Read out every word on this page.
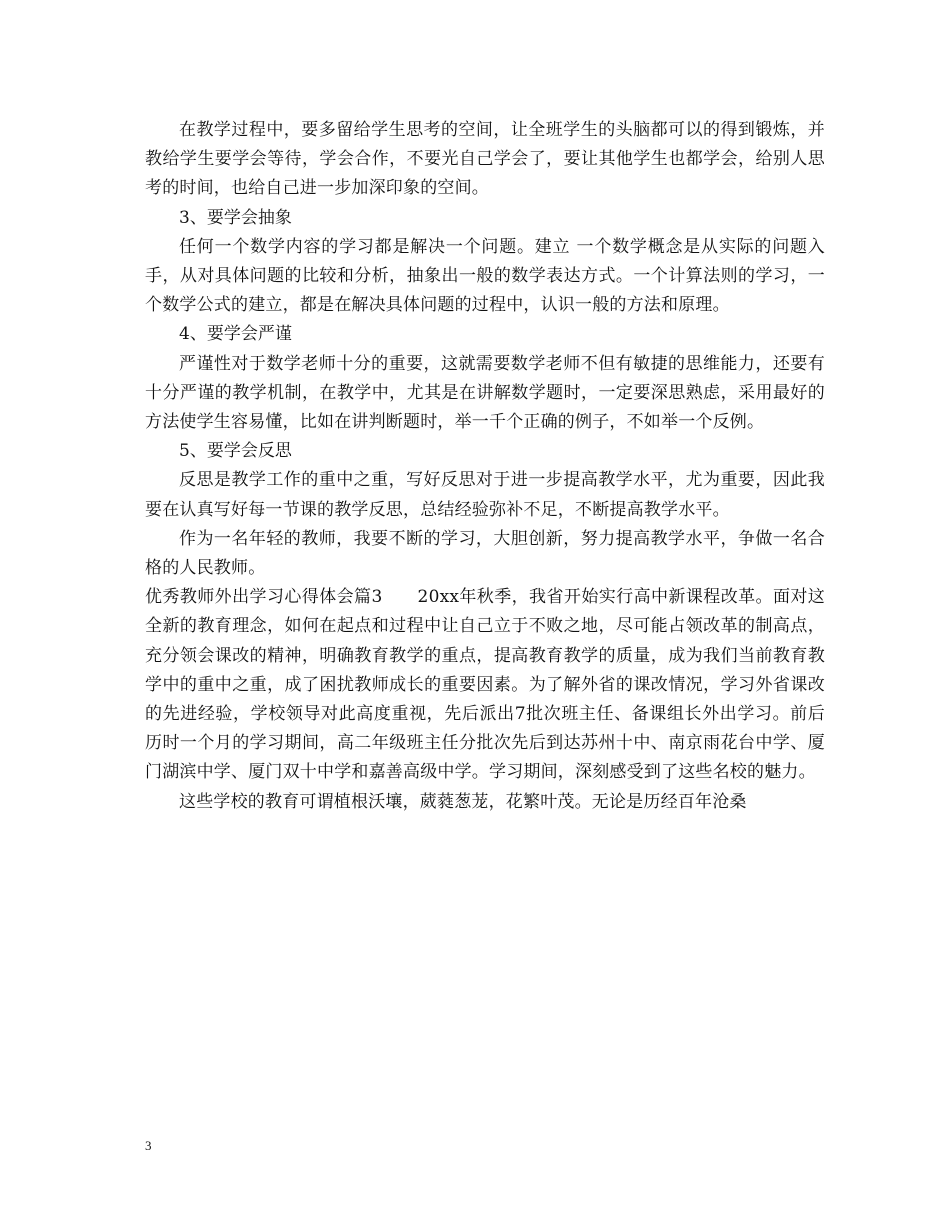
在教学过程中，要多留给学生思考的空间，让全班学生的头脑都可以的得到锻炼，并教给学生要学会等待，学会合作，不要光自己学会了，要让其他学生也都学会，给别人思考的时间，也给自己进一步加深印象的空间。

3、要学会抽象

任何一个数学内容的学习都是解决一个问题。建立 一个数学概念是从实际的问题入手，从对具体问题的比较和分析，抽象出一般的数学表达方式。一个计算法则的学习，一个数学公式的建立，都是在解决具体问题的过程中，认识一般的方法和原理。

4、要学会严谨

严谨性对于数学老师十分的重要，这就需要数学老师不但有敏捷的思维能力，还要有十分严谨的教学机制，在教学中，尤其是在讲解数学题时，一定要深思熟虑，采用最好的方法使学生容易懂，比如在讲判断题时，举一千个正确的例子，不如举一个反例。

5、要学会反思

反思是教学工作的重中之重，写好反思对于进一步提高教学水平，尤为重要，因此我要在认真写好每一节课的教学反思，总结经验弥补不足，不断提高教学水平。

作为一名年轻的教师，我要不断的学习，大胆创新，努力提高教学水平，争做一名合格的人民教师。

优秀教师外出学习心得体会篇3　　20xx年秋季，我省开始实行高中新课程改革。面对这全新的教育理念，如何在起点和过程中让自己立于不败之地，尽可能占领改革的制高点，充分领会课改的精神，明确教育教学的重点，提高教育教学的质量，成为我们当前教育教学中的重中之重，成了困扰教师成长的重要因素。为了解外省的课改情况，学习外省课改的先进经验，学校领导对此高度重视，先后派出7批次班主任、备课组长外出学习。前后历时一个月的学习期间，高二年级班主任分批次先后到达苏州十中、南京雨花台中学、厦门湖滨中学、厦门双十中学和嘉善高级中学。学习期间，深刻感受到了这些名校的魅力。

这些学校的教育可谓植根沃壤，葳蕤葱茏，花繁叶茂。无论是历经百年沧桑

3
